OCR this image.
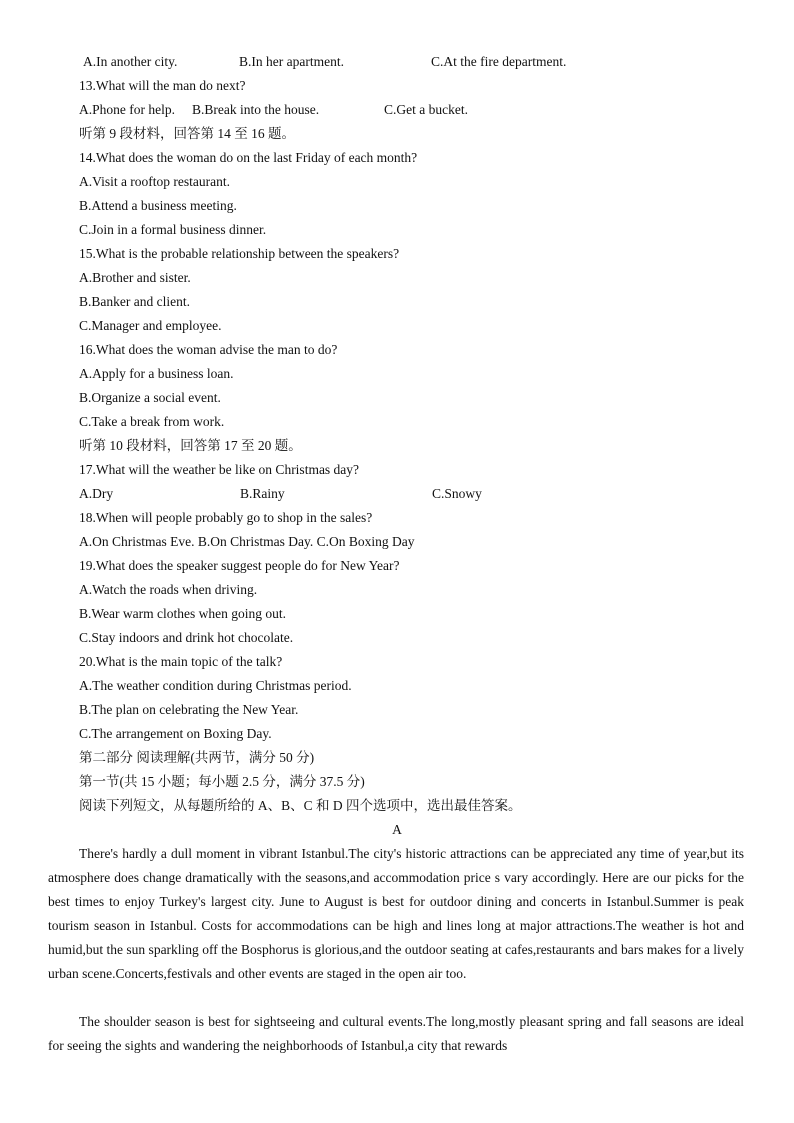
A.In another city.	B.In her apartment.	C.At the fire department.
13.What will the man do next?
A.Phone for help. B.Break into the house.	C.Get a bucket.
听第 9 段材料，回答第 14 至 16 题。
14.What does the woman do on the last Friday of each month?
A.Visit a rooftop restaurant.
B.Attend a business meeting.
C.Join in a formal business dinner.
15.What is the probable relationship between the speakers?
A.Brother and sister.
B.Banker and client.
C.Manager and employee.
16.What does the woman advise the man to do?
A.Apply for a business loan.
B.Organize a social event.
C.Take a break from work.
听第 10 段材料，回答第 17 至 20 题。
17.What will the weather be like on Christmas day?
A.Dry	B.Rainy	C.Snowy
18.When will people probably go to shop in the sales?
A.On Christmas Eve. B.On Christmas Day. C.On Boxing Day
19.What does the speaker suggest people do for New Year?
A.Watch the roads when driving.
B.Wear warm clothes when going out.
C.Stay indoors and drink hot chocolate.
20.What is the main topic of the talk?
A.The weather condition during Christmas period.
B.The plan on celebrating the New Year.
C.The arrangement on Boxing Day.
第二部分 阅读理解(共两节，满分 50 分)
第一节(共 15 小题；每小题 2.5 分，满分 37.5 分)
阅读下列短文，从每题所给的 A、B、C 和 D 四个选项中，选出最佳答案。
A
There's hardly a dull moment in vibrant Istanbul.The city's historic attractions can be appreciated any time of year,but its atmosphere does change dramatically with the seasons,and accommodation price s vary accordingly. Here are our picks for the best times to enjoy Turkey's largest city. June to August is best for outdoor dining and concerts in Istanbul.Summer is peak tourism season in Istanbul. Costs for accommodations can be high and lines long at major attractions.The weather is hot and humid,but the sun sparkling off the Bosphorus is glorious,and the outdoor seating at cafes,restaurants and bars makes for a lively urban scene.Concerts,festivals and other events are staged in the open air too.
The shoulder season is best for sightseeing and cultural events.The long,mostly pleasant spring and fall seasons are ideal for seeing the sights and wandering the neighborhoods of Istanbul,a city that rewards
